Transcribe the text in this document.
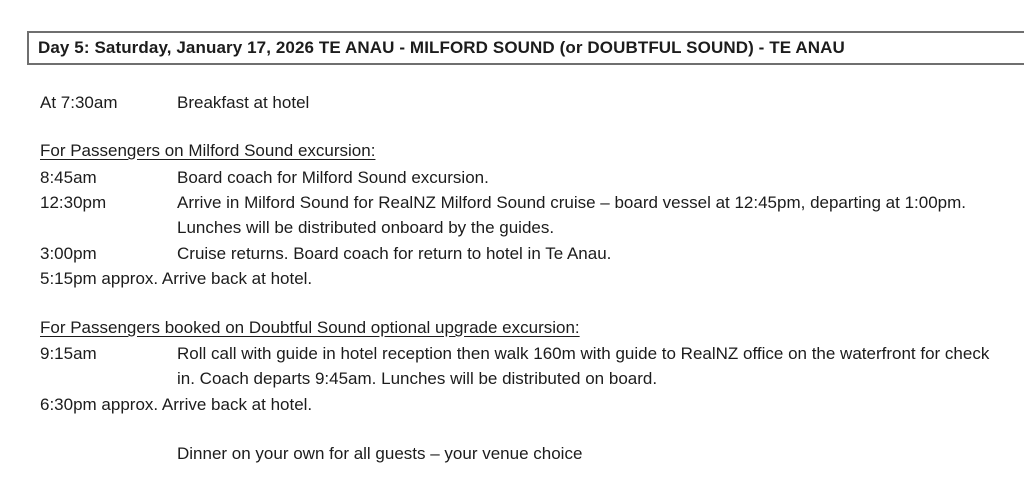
Day 5: Saturday, January 17, 2026 TE ANAU - MILFORD SOUND (or DOUBTFUL SOUND) - TE ANAU
At 7:30am	Breakfast at hotel
For Passengers on Milford Sound excursion:
8:45am	Board coach for Milford Sound excursion.
12:30pm	Arrive in Milford Sound for RealNZ Milford Sound cruise – board vessel at 12:45pm, departing at 1:00pm. Lunches will be distributed onboard by the guides.
3:00pm	Cruise returns. Board coach for return to hotel in Te Anau.
5:15pm approx. Arrive back at hotel.
For Passengers booked on Doubtful Sound optional upgrade excursion:
9:15am	Roll call with guide in hotel reception then walk 160m with guide to RealNZ office on the waterfront for check in. Coach departs 9:45am. Lunches will be distributed on board.
6:30pm approx. Arrive back at hotel.
Dinner on your own for all guests – your venue choice
